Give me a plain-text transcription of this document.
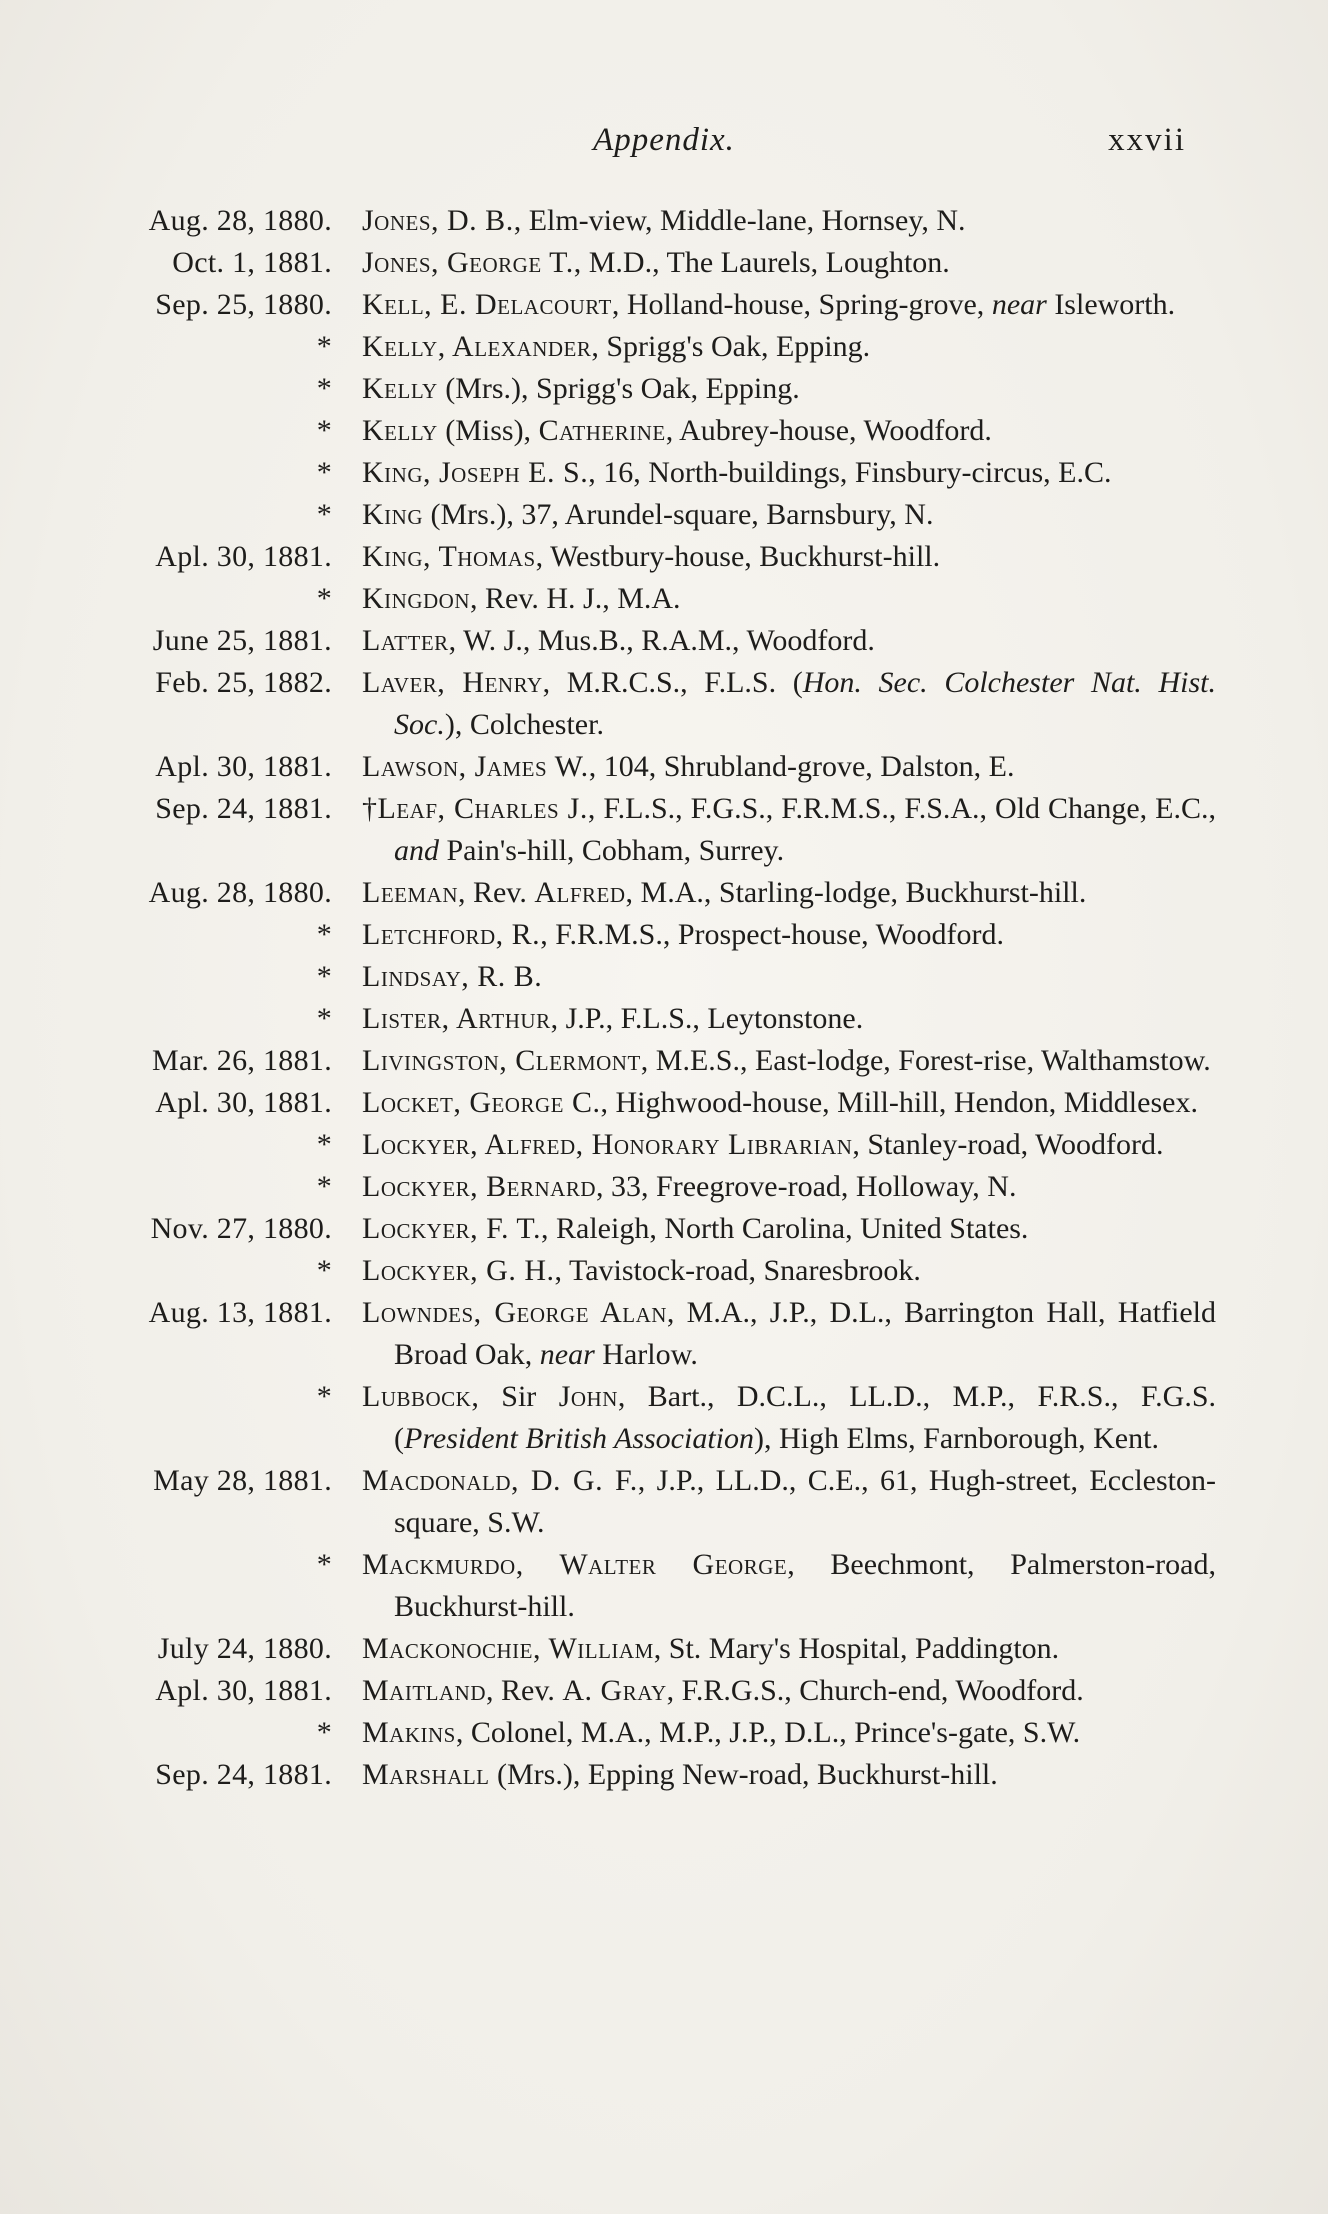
Appendix.	xxvii
Aug. 28, 1880. Jones, D. B., Elm-view, Middle-lane, Hornsey, N.
Oct. 1, 1881. Jones, George T., M.D., The Laurels, Loughton.
Sep. 25, 1880. Kell, E. Delacourt, Holland-house, Spring-grove, near Isleworth.
* Kelly, Alexander, Sprigg's Oak, Epping.
* Kelly (Mrs.), Sprigg's Oak, Epping.
* Kelly (Miss), Catherine, Aubrey-house, Woodford.
* King, Joseph E. S., 16, North-buildings, Finsbury-circus, E.C.
* King (Mrs.), 37, Arundel-square, Barnsbury, N.
Apl. 30, 1881. King, Thomas, Westbury-house, Buckhurst-hill.
* Kingdon, Rev. H. J., M.A.
June 25, 1881. Latter, W. J., Mus.B., R.A.M., Woodford.
Feb. 25, 1882. Laver, Henry, M.R.C.S., F.L.S. (Hon. Sec. Colchester Nat. Hist. Soc.), Colchester.
Apl. 30, 1881. Lawson, James W., 104, Shrubland-grove, Dalston, E.
Sep. 24, 1881. †Leaf, Charles J., F.L.S., F.G.S., F.R.M.S., F.S.A., Old Change, E.C., and Pain's-hill, Cobham, Surrey.
Aug. 28, 1880. Leeman, Rev. Alfred, M.A., Starling-lodge, Buckhurst-hill.
* Letchford, R., F.R.M.S., Prospect-house, Woodford.
* Lindsay, R. B.
* Lister, Arthur, J.P., F.L.S., Leytonstone.
Mar. 26, 1881. Livingston, Clermont, M.E.S., East-lodge, Forest-rise, Walthamstow.
Apl. 30, 1881. Locket, George C., Highwood-house, Mill-hill, Hendon, Middlesex.
* Lockyer, Alfred, Honorary Librarian, Stanley-road, Woodford.
* Lockyer, Bernard, 33, Freegrove-road, Holloway, N.
Nov. 27, 1880. Lockyer, F. T., Raleigh, North Carolina, United States.
* Lockyer, G. H., Tavistock-road, Snaresbrook.
Aug. 13, 1881. Lowndes, George Alan, M.A., J.P., D.L., Barrington Hall, Hatfield Broad Oak, near Harlow.
* Lubbock, Sir John, Bart., D.C.L., LL.D., M.P., F.R.S., F.G.S. (President British Association), High Elms, Farnborough, Kent.
May 28, 1881. Macdonald, D. G. F., J.P., LL.D., C.E., 61, Hugh-street, Eccleston-square, S.W.
* Mackmurdo, Walter George, Beechmont, Palmerston-road, Buckhurst-hill.
July 24, 1880. Mackonochie, William, St. Mary's Hospital, Paddington.
Apl. 30, 1881. Maitland, Rev. A. Gray, F.R.G.S., Church-end, Woodford.
* Makins, Colonel, M.A., M.P., J.P., D.L., Prince's-gate, S.W.
Sep. 24, 1881. Marshall (Mrs.), Epping New-road, Buckhurst-hill.
